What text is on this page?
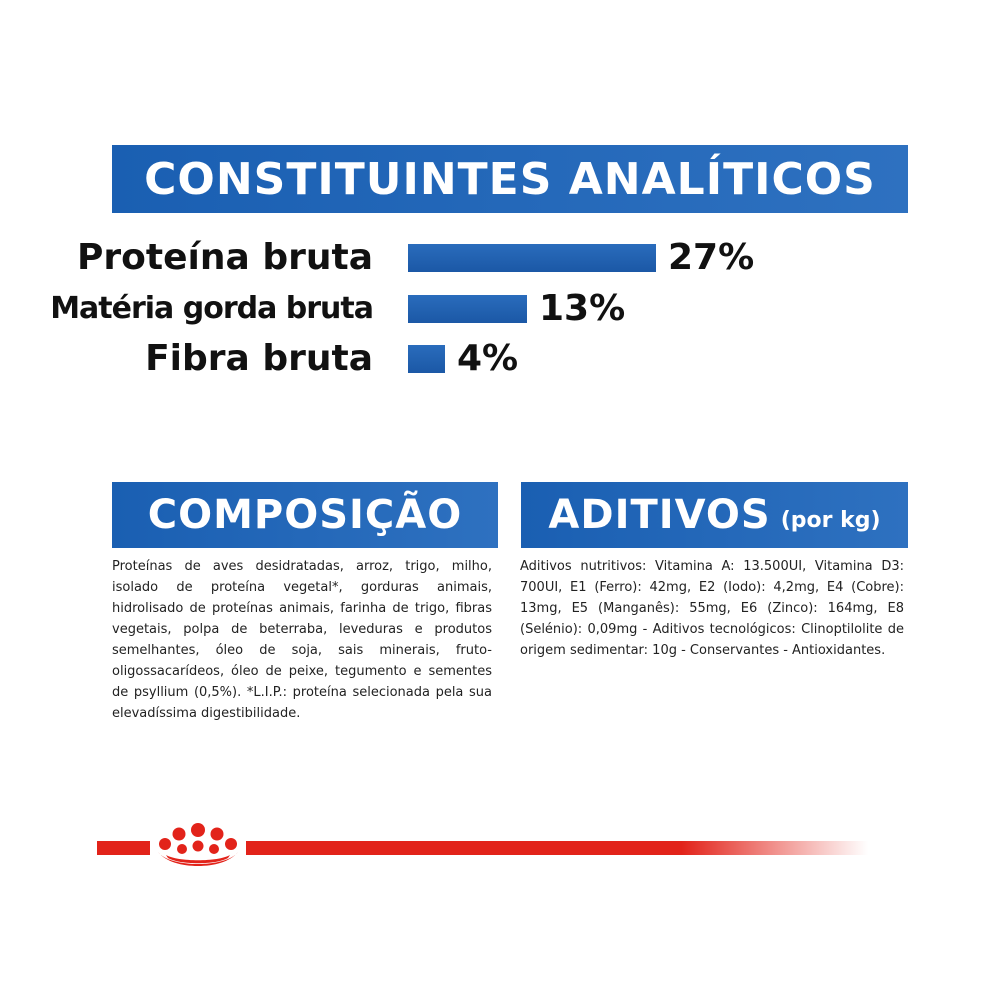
CONSTITUINTES ANALÍTICOS
Proteína bruta	27%
Matéria gorda bruta	13%
Fibra bruta 4%
COMPOSIÇÃO ADITIVOS (por kg)
Proteínas de aves desidratadas, arroz, trigo, milho, isolado de proteína vegetal*, gorduras animais, hidrolisado de proteínas animais, farinha de trigo, fibras vegetais, polpa de beterraba, leveduras e produtos semelhantes, óleo de soja, sais minerais, fruto-oligossacarídeos, óleo de peixe, tegumento e sementes de psyllium (0,5%). *L.I.P.: proteína selecionada pela sua elevadíssima digestibilidade.
Aditivos nutritivos: Vitamina A: 13.500UI, Vitamina D3: 700UI, E1 (Ferro): 42mg, E2 (Iodo): 4,2mg, E4 (Cobre): 13mg, E5 (Manganês): 55mg, E6 (Zinco): 164mg, E8 (Selénio): 0,09mg - Aditivos tecnológicos: Clinoptilolite de origem sedimentar: 10g - Conservantes - Antioxidantes.
